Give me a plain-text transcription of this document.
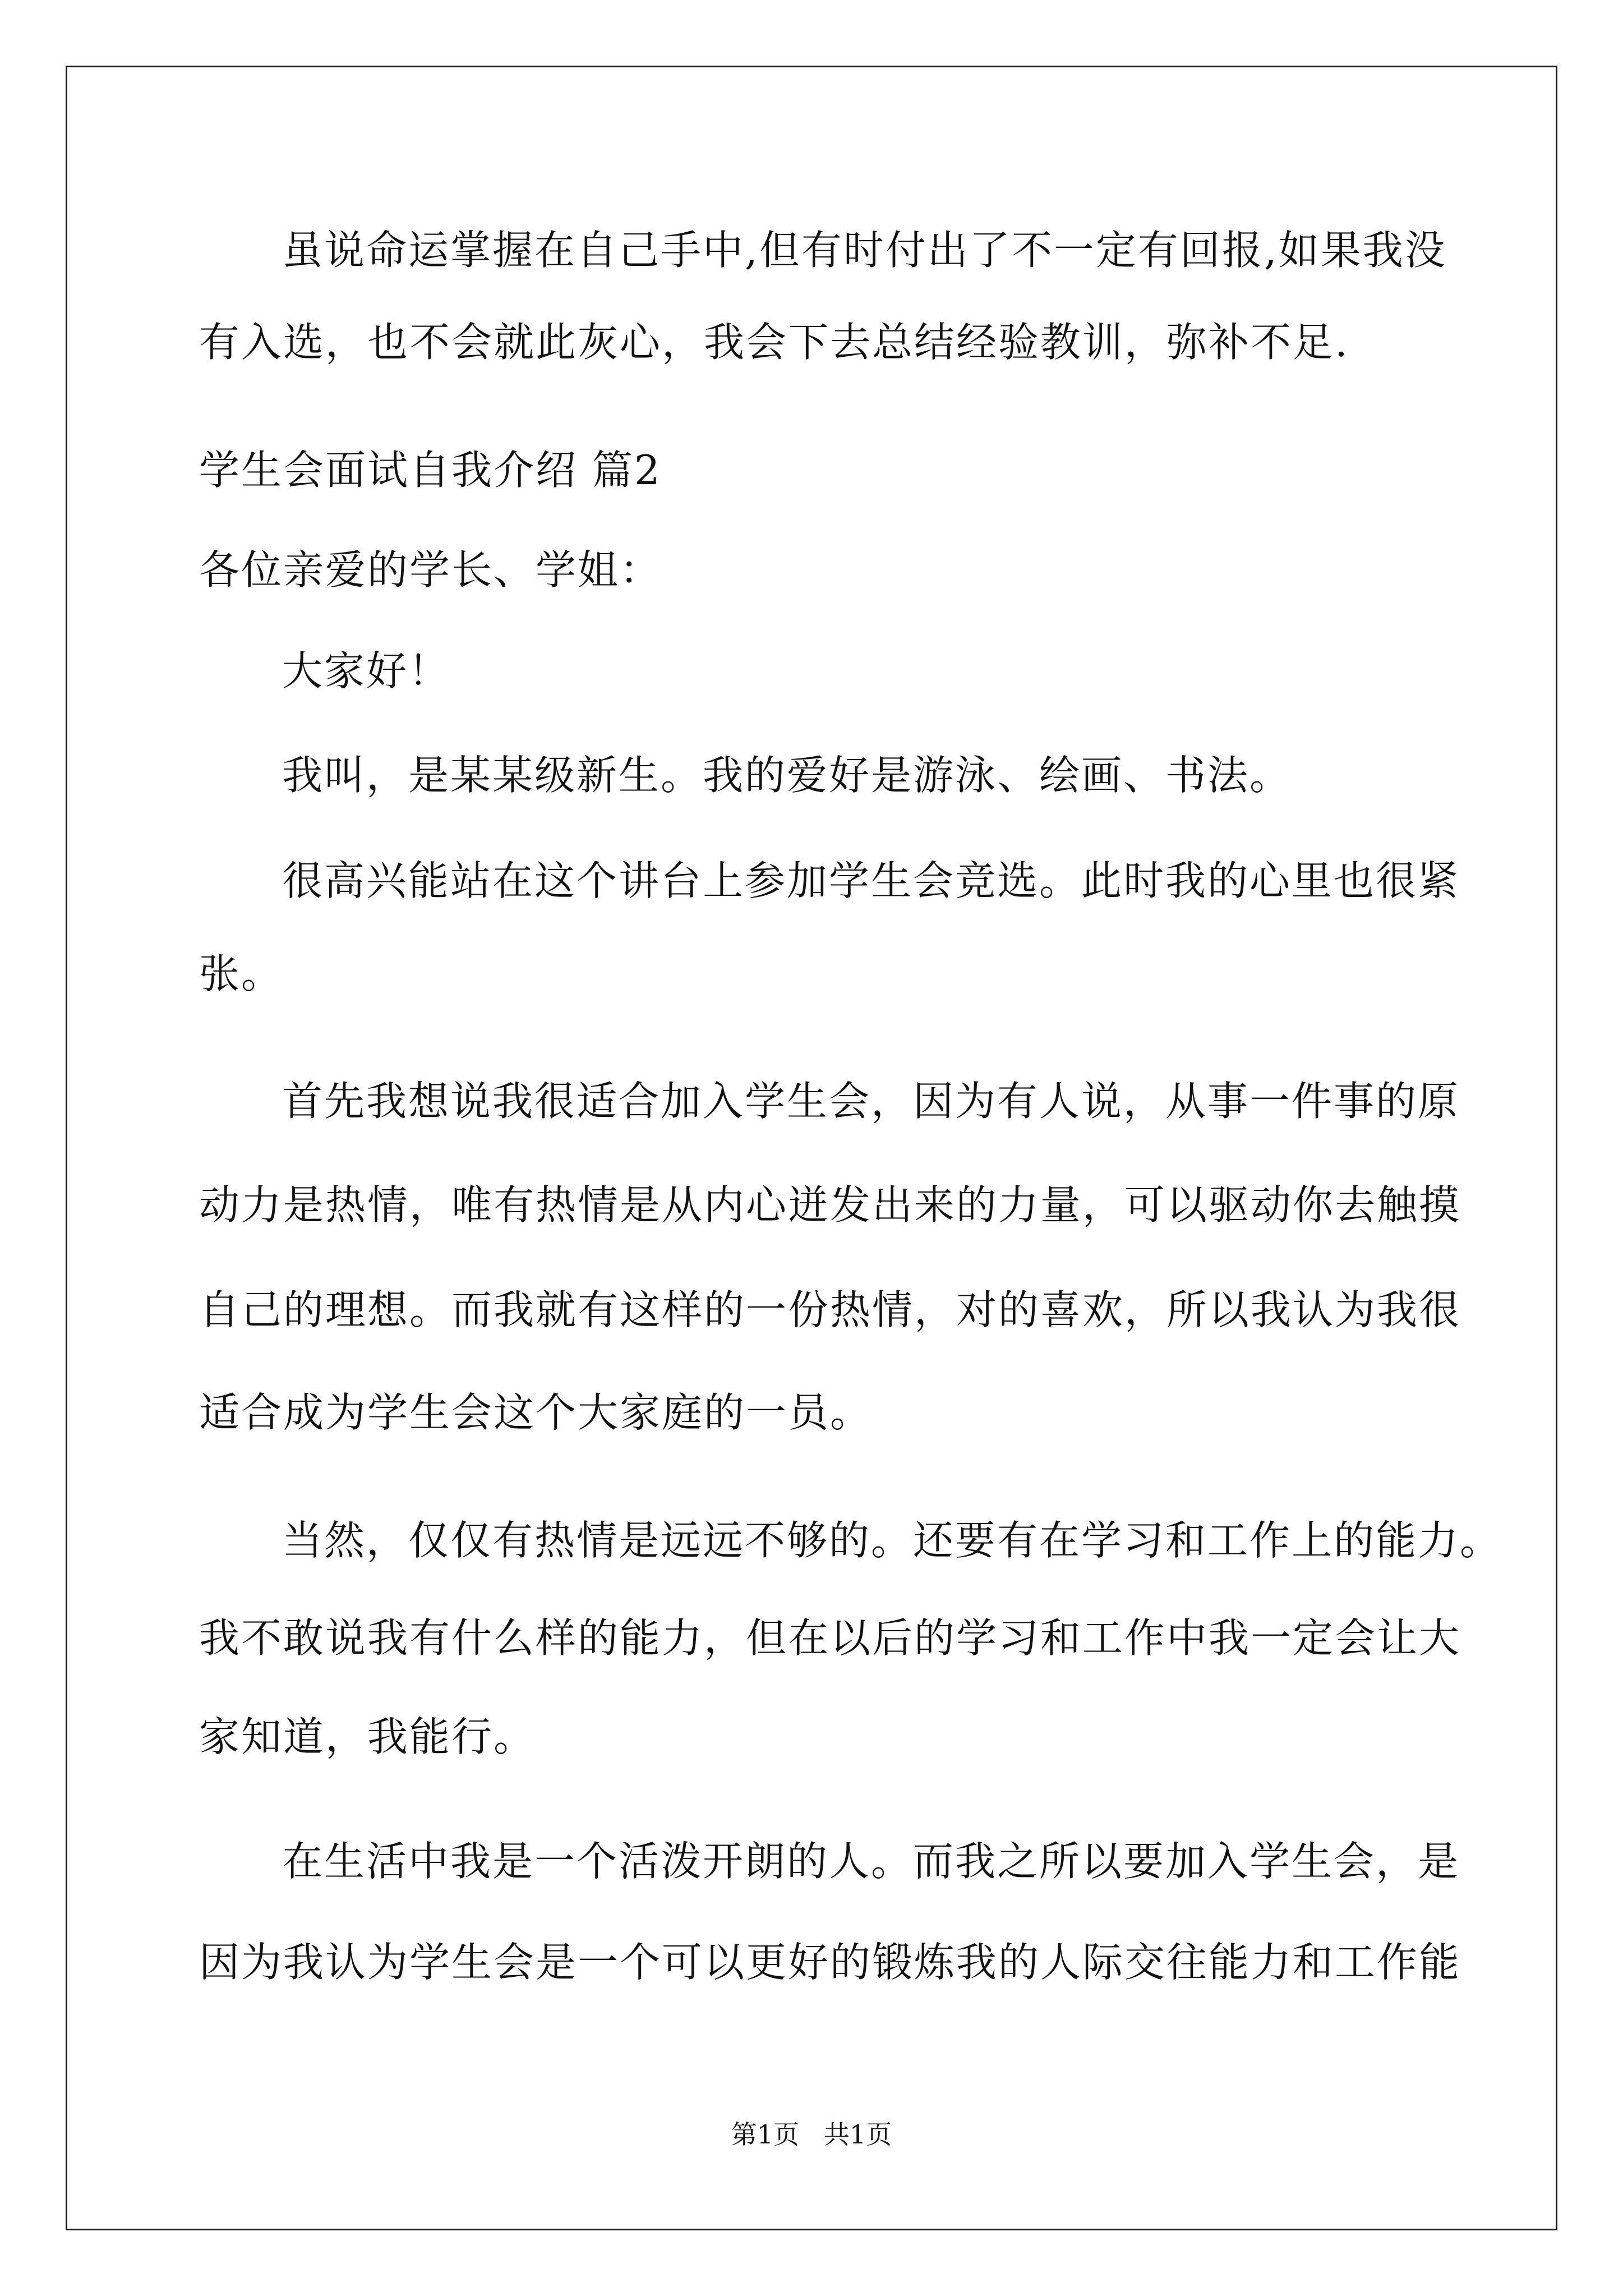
虽说命运掌握在自己手中,但有时付出了不一定有回报,如果我没
有入选，也不会就此灰心，我会下去总结经验教训，弥补不足.
学生会面试自我介绍 篇2
各位亲爱的学长、学姐：
大家好！
我叫，是某某级新生。我的爱好是游泳、绘画、书法。
很高兴能站在这个讲台上参加学生会竞选。此时我的心里也很紧
张。
首先我想说我很适合加入学生会，因为有人说，从事一件事的原
动力是热情，唯有热情是从内心迸发出来的力量，可以驱动你去触摸
自己的理想。而我就有这样的一份热情，对的喜欢，所以我认为我很
适合成为学生会这个大家庭的一员。
当然，仅仅有热情是远远不够的。还要有在学习和工作上的能力。
我不敢说我有什么样的能力，但在以后的学习和工作中我一定会让大
家知道，我能行。
在生活中我是一个活泼开朗的人。而我之所以要加入学生会，是
因为我认为学生会是一个可以更好的锻炼我的人际交往能力和工作能
第1页   共1页
